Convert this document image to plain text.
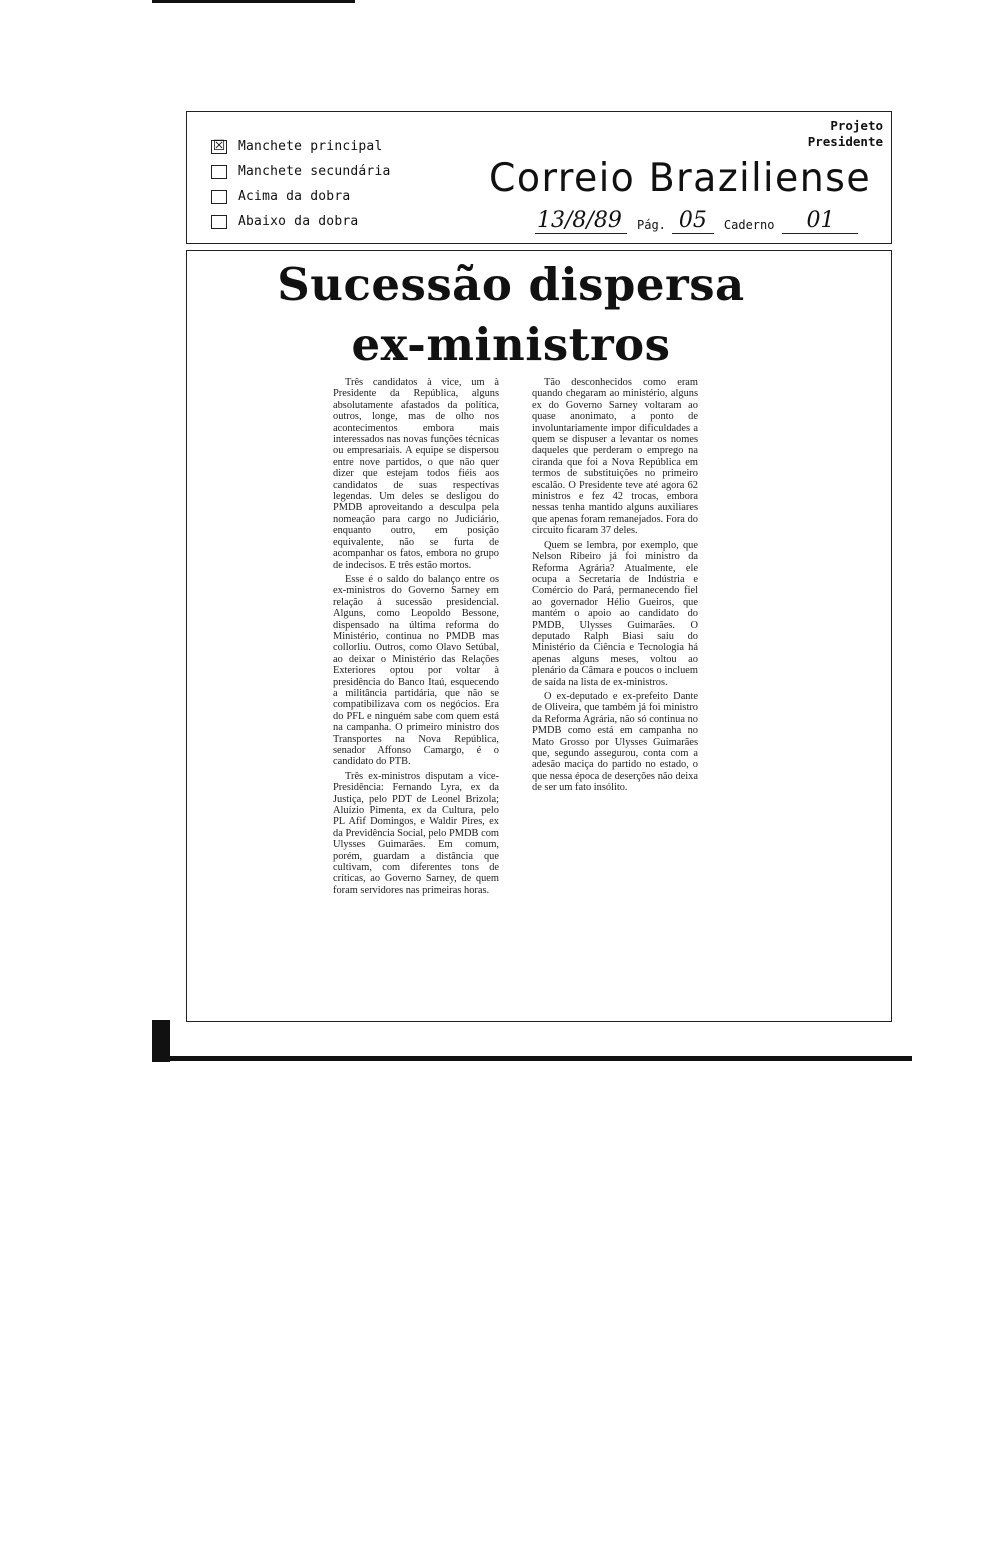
☒ Manchete principal
Manchete secundária
Acima da dobra
Abaixo da dobra
Projeto
Presidente
Correio Braziliense
13/8/89	Pág. 05	Caderno	01
Sucessão dispersa
ex-ministros

Três candidatos à vice, um à Presidente da República, alguns absolutamente afastados da política, outros, longe, mas de olho nos acontecimentos embora mais interessados nas novas funções técnicas ou empresariais. A equipe se dispersou entre nove partidos, o que não quer dizer que estejam todos fiéis aos candidatos de suas respectivas legendas. Um deles se desligou do PMDB aproveitando a desculpa pela nomeação para cargo no Judiciário, enquanto outro, em posição equivalente, não se furta de acompanhar os fatos, embora no grupo de indecisos. E três estão mortos.

Esse é o saldo do balanço entre os ex-ministros do Governo Sarney em relação à sucessão presidencial. Alguns, como Leopoldo Bessone, dispensado na última reforma do Ministério, continua no PMDB mas collorliu. Outros, como Olavo Setúbal, ao deixar o Ministério das Relações Exteriores optou por voltar à presidência do Banco Itaú, esquecendo a militância partidária, que não se compatibilizava com os negócios. Era do PFL e ninguém sabe com quem está na campanha. O primeiro ministro dos Transportes na Nova República, senador Affonso Camargo, é o candidato do PTB.

Três ex-ministros disputam a vice-Presidência: Fernando Lyra, ex da Justiça, pelo PDT de Leonel Brizola; Aluízio Pimenta, ex da Cultura, pelo PL Afif Domingos, e Waldir Pires, ex da Previdência Social, pelo PMDB com Ulysses Guimarães. Em comum, porém, guardam a distância que cultivam, com diferentes tons de críticas, ao Governo Sarney, de quem foram servidores nas primeiras horas.

Tão desconhecidos como eram quando chegaram ao ministério, alguns ex do Governo Sarney voltaram ao quase anonimato, a ponto de involuntariamente impor dificuldades a quem se dispuser a levantar os nomes daqueles que perderam o emprego na ciranda que foi a Nova República em termos de substituições no primeiro escalão. O Presidente teve até agora 62 ministros e fez 42 trocas, embora nessas tenha mantido alguns auxiliares que apenas foram remanejados. Fora do circuito ficaram 37 deles.

Quem se lembra, por exemplo, que Nelson Ribeiro já foi ministro da Reforma Agrária? Atualmente, ele ocupa a Secretaria de Indústria e Comércio do Pará, permanecendo fiel ao governador Hélio Gueiros, que mantém o apoio ao candidato do PMDB, Ulysses Guimarães. O deputado Ralph Biasi saiu do Ministério da Ciência e Tecnologia há apenas alguns meses, voltou ao plenário da Câmara e poucos o incluem de saída na lista de ex-ministros.

O ex-deputado e ex-prefeito Dante de Oliveira, que também já foi ministro da Reforma Agrária, não só continua no PMDB como está em campanha no Mato Grosso por Ulysses Guimarães que, segundo assegurou, conta com a adesão maciça do partido no estado, o que nessa época de deserções não deixa de ser um fato insólito.
